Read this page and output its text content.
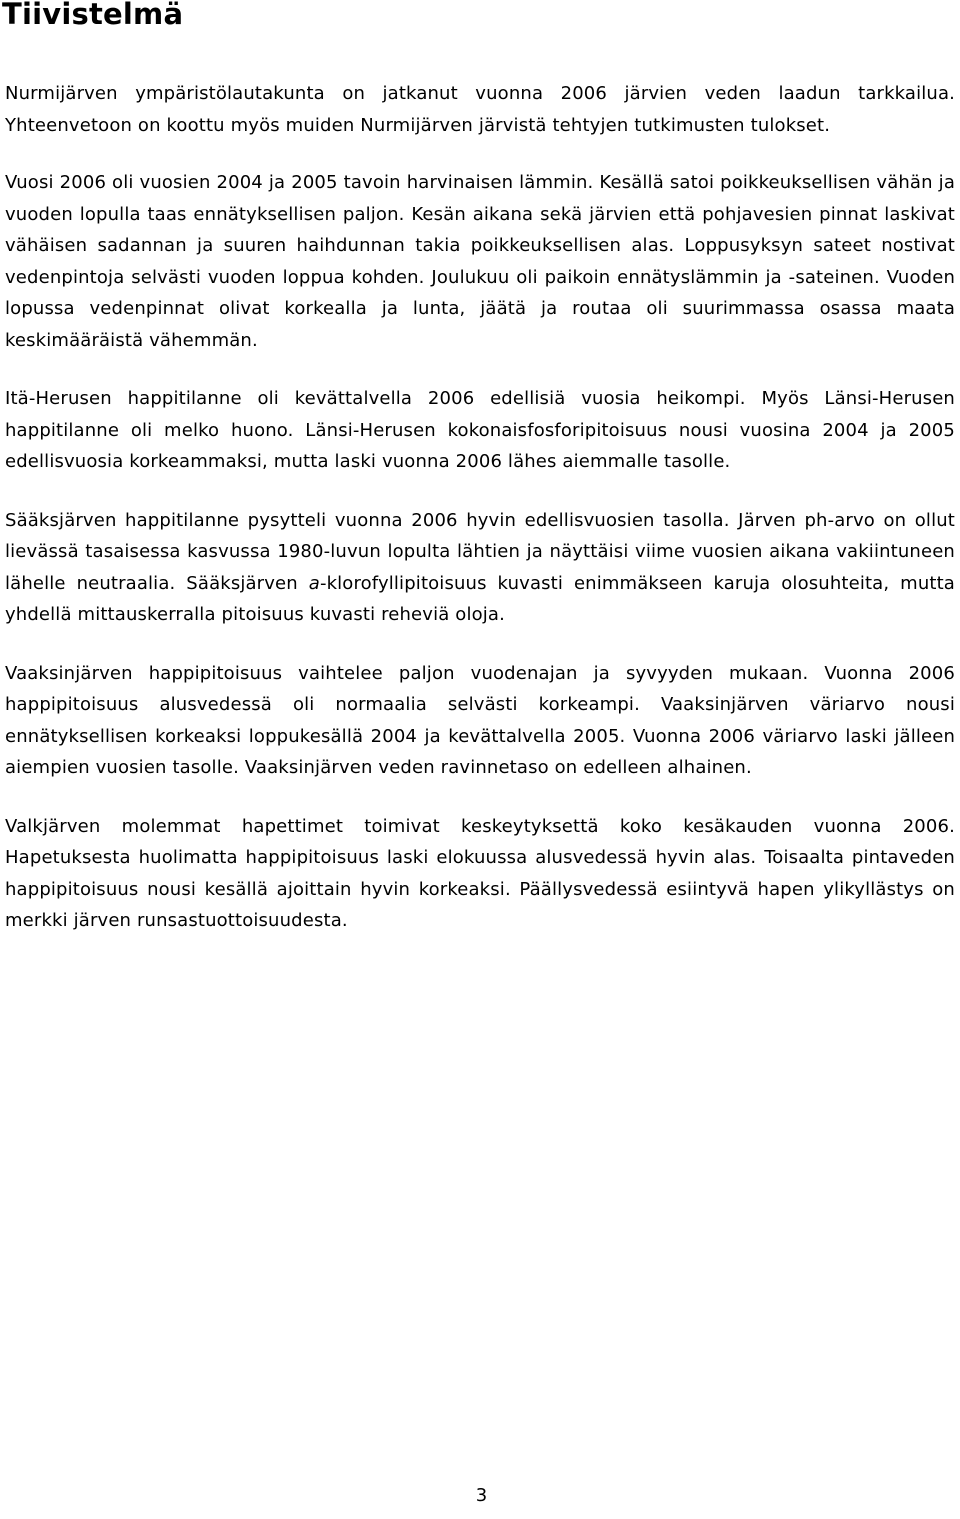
Tiivistelmä

Nurmijärven ympäristölautakunta on jatkanut vuonna 2006 järvien veden laadun tarkkailua. Yhteenvetoon on koottu myös muiden Nurmijärven järvistä tehtyjen tutkimusten tulokset.

Vuosi 2006 oli vuosien 2004 ja 2005 tavoin harvinaisen lämmin. Kesällä satoi poikkeuksellisen vähän ja vuoden lopulla taas ennätyksellisen paljon. Kesän aikana sekä järvien että pohjavesien pinnat laskivat vähäisen sadannan ja suuren haihdunnan takia poikkeuksellisen alas. Loppusyksyn sateet nostivat vedenpintoja selvästi vuoden loppua kohden. Joulukuu oli paikoin ennätyslämmin ja -sateinen. Vuoden lopussa vedenpinnat olivat korkealla ja lunta, jäätä ja routaa oli suurimmassa osassa maata keskimääräistä vähemmän.

Itä-Herusen happitilanne oli kevättalvella 2006 edellisiä vuosia heikompi. Myös Länsi-Herusen happitilanne oli melko huono. Länsi-Herusen kokonaisfosforipitoisuus nousi vuosina 2004 ja 2005 edellisvuosia korkeammaksi, mutta laski vuonna 2006 lähes aiemmalle tasolle.

Sääksjärven happitilanne pysytteli vuonna 2006 hyvin edellisvuosien tasolla. Järven ph-arvo on ollut lievässä tasaisessa kasvussa 1980-luvun lopulta lähtien ja näyttäisi viime vuosien aikana vakiintuneen lähelle neutraalia. Sääksjärven a-klorofyllipitoisuus kuvasti enimmäkseen karuja olosuhteita, mutta yhdellä mittauskerralla pitoisuus kuvasti reheviä oloja.

Vaaksinjärven happipitoisuus vaihtelee paljon vuodenajan ja syvyyden mukaan. Vuonna 2006 happipitoisuus alusvedessä oli normaalia selvästi korkeampi. Vaaksinjärven väriarvo nousi ennätyksellisen korkeaksi loppukesällä 2004 ja kevättalvella 2005. Vuonna 2006 väriarvo laski jälleen aiempien vuosien tasolle. Vaaksinjärven veden ravinnetaso on edelleen alhainen.

Valkjärven molemmat hapettimet toimivat keskeytyksettä koko kesäkauden vuonna 2006. Hapetuksesta huolimatta happipitoisuus laski elokuussa alusvedessä hyvin alas. Toisaalta pintaveden happipitoisuus nousi kesällä ajoittain hyvin korkeaksi. Päällysvedessä esiintyvä hapen ylikyllästys on merkki järven runsastuottoisuudesta.

3
